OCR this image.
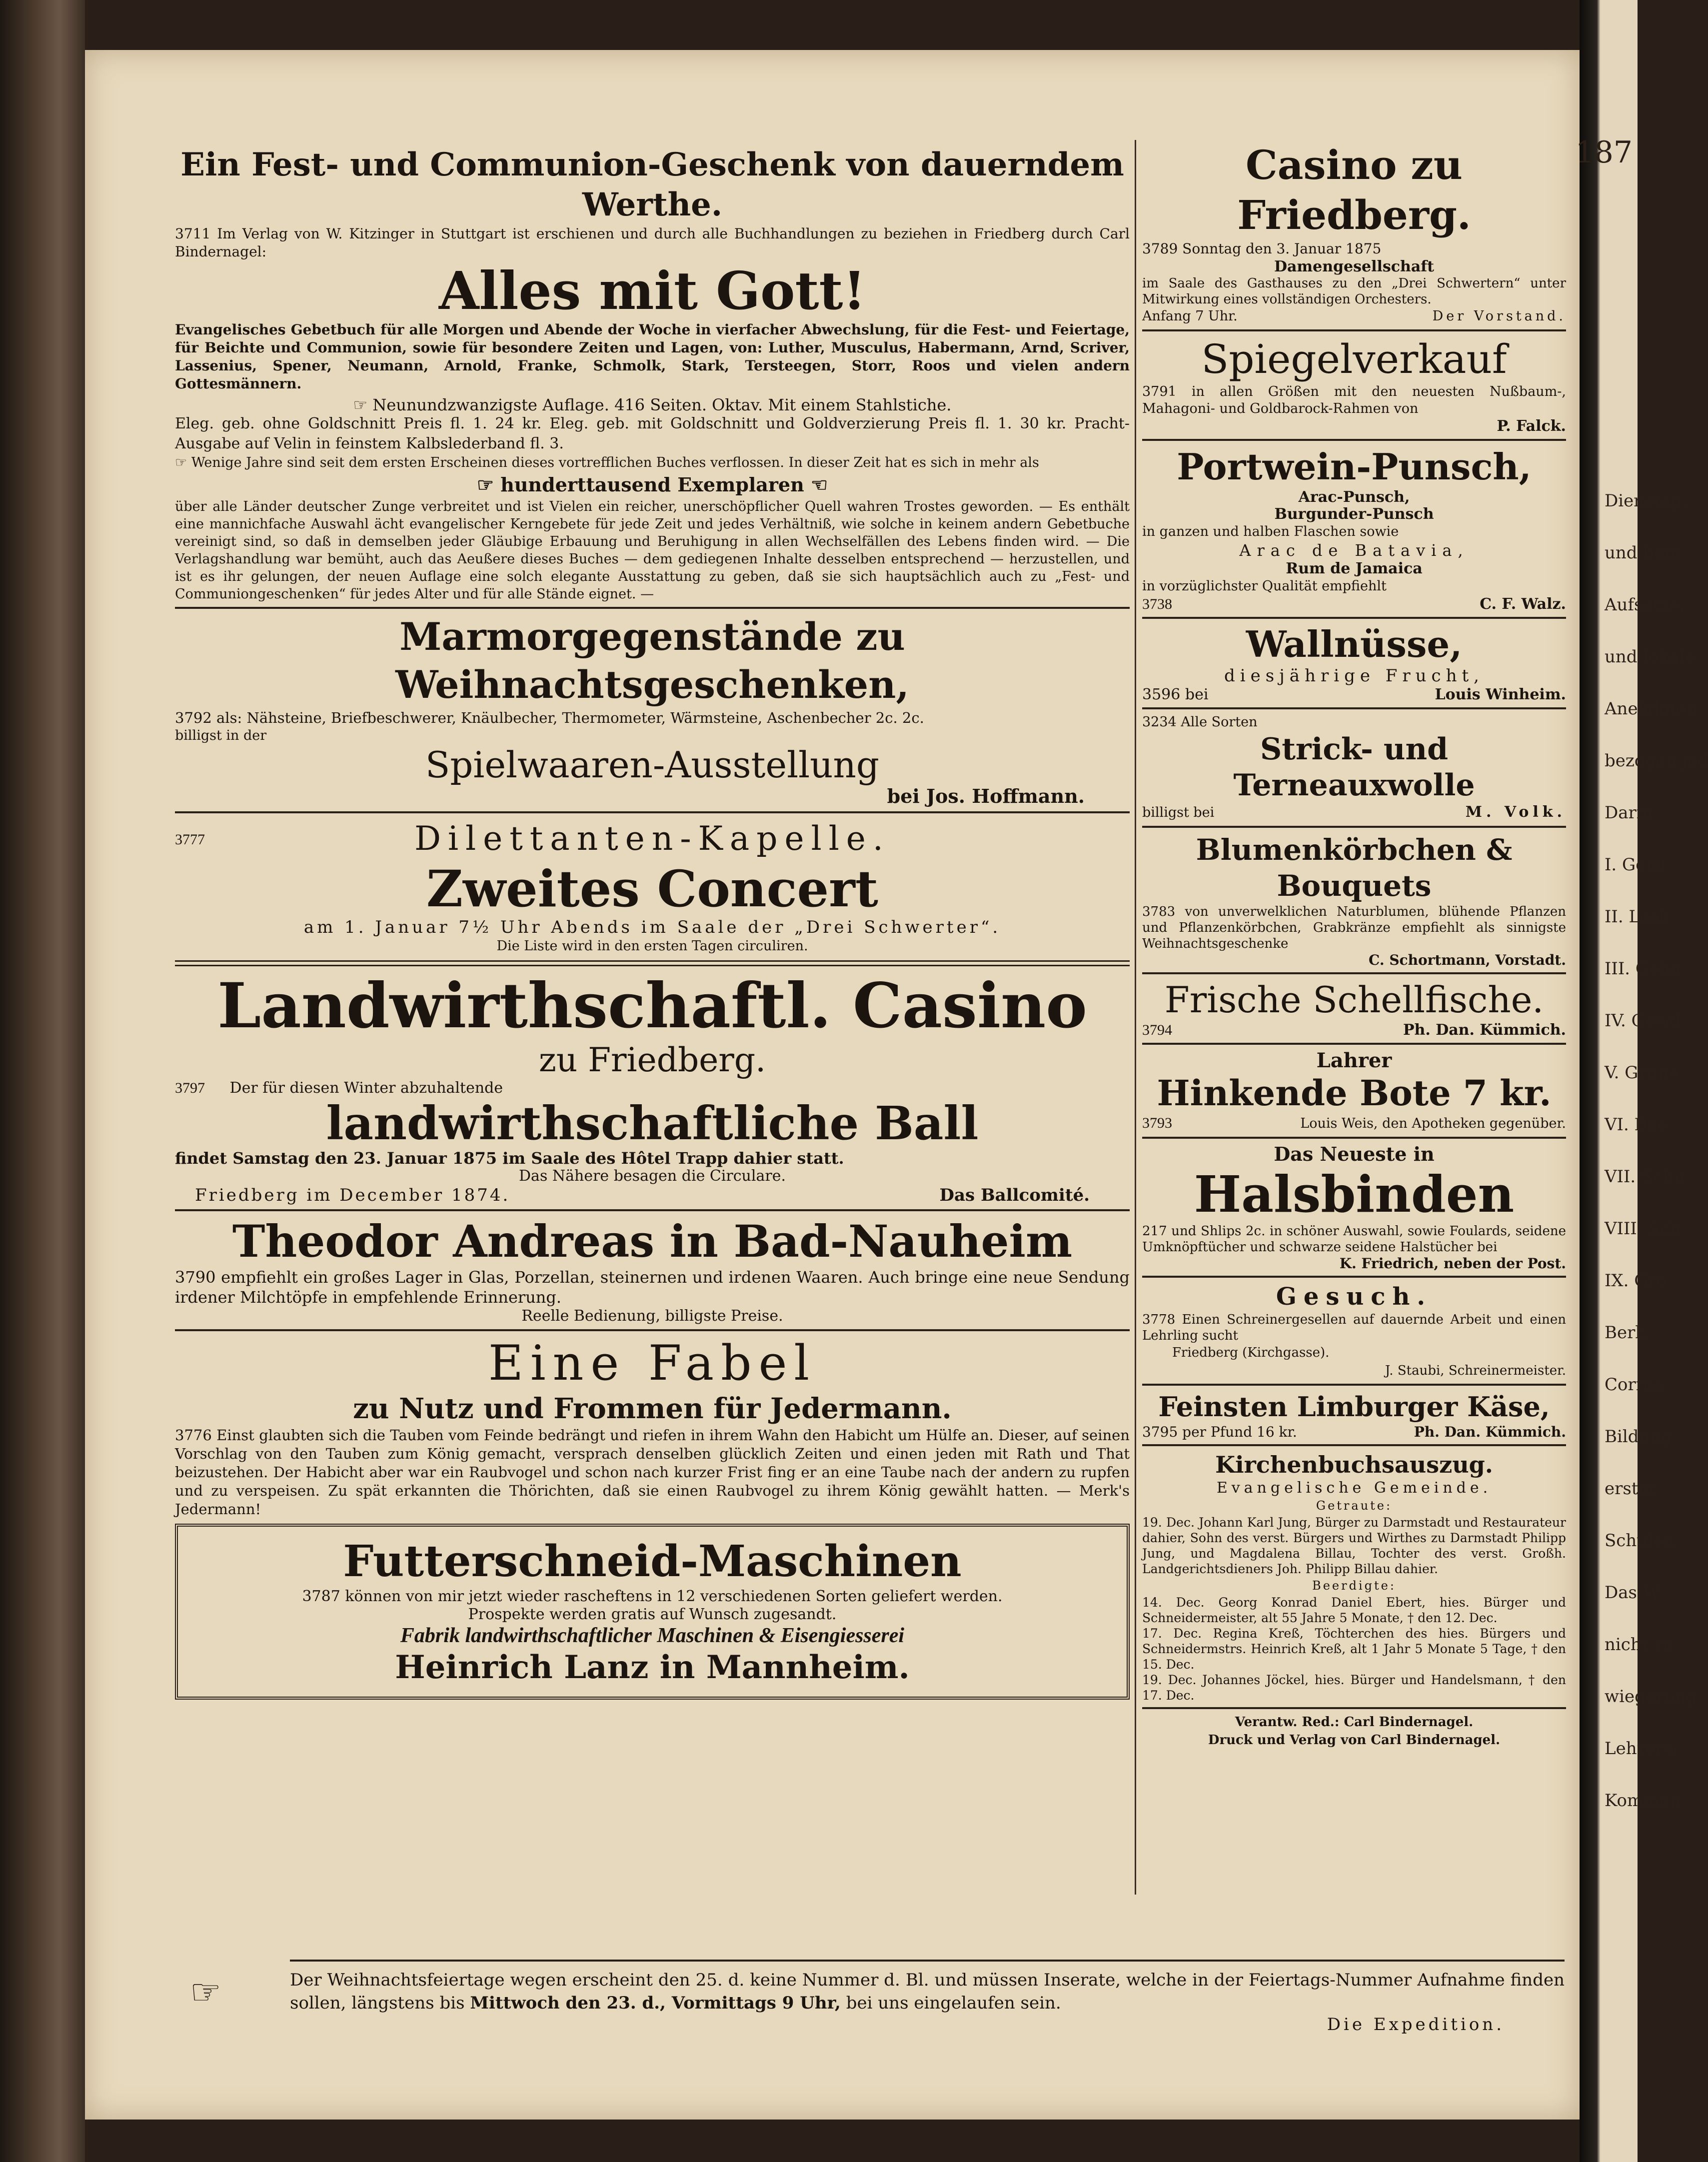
Ein Fest- und Communion-Geschenk von dauerndem Werthe.
3711 Im Verlag von W. Kitzinger in Stuttgart ist erschienen und durch alle Buchhandlungen zu beziehen in Friedberg durch Carl Bindernagel:
Alles mit Gott!
Evangelisches Gebetbuch für alle Morgen und Abende der Woche in vierfacher Abwechslung, für die Fest- und Feiertage, für Beichte und Communion, sowie für besondere Zeiten und Lagen, von: Luther, Musculus, Habermann, Arnd, Scriver, Lassenius, Spener, Neumann, Arnold, Franke, Schmolk, Stark, Tersteegen, Storr, Roos und vielen andern Gottesmännern.
☞ Neunundzwanzigste Auflage. 416 Seiten. Oktav. Mit einem Stahlstiche.
Eleg. geb. ohne Goldschnitt Preis fl. 1. 24 kr. Eleg. geb. mit Goldschnitt und Goldverzierung Preis fl. 1. 30 kr. Pracht-Ausgabe auf Velin in feinstem Kalbslederband fl. 3.
☞ Wenige Jahre sind seit dem ersten Erscheinen dieses vortrefflichen Buches verflossen. In dieser Zeit hat es sich in mehr als
☞ hunderttausend Exemplaren ☜
über alle Länder deutscher Zunge verbreitet und ist Vielen ein reicher, unerschöpflicher Quell wahren Trostes geworden. — Es enthält eine mannichfache Auswahl ächt evangelischer Kerngebete für jede Zeit und jedes Verhältniß, wie solche in keinem andern Gebetbuche vereinigt sind, so daß in demselben jeder Gläubige Erbauung und Beruhigung in allen Wechselfällen des Lebens finden wird. — Die Verlagshandlung war bemüht, auch das Aeußere dieses Buches — dem gediegenen Inhalte desselben entsprechend — herzustellen, und ist es ihr gelungen, der neuen Auflage eine solch elegante Ausstattung zu geben, daß sie sich hauptsächlich auch zu „Fest- und Communiongeschenken“ für jedes Alter und für alle Stände eignet. —
Marmorgegenstände zu Weihnachtsgeschenken,
3792 als: Nähsteine, Briefbeschwerer, Knäulbecher, Thermometer, Wärmsteine, Aschenbecher 2c. 2c.
billigst in der
Spielwaaren-Ausstellung
bei Jos. Hoffmann.
3777	Dilettanten-Kapelle.
Zweites Concert
am 1. Januar 7½ Uhr Abends im Saale der „Drei Schwerter“.
Die Liste wird in den ersten Tagen circuliren.
Landwirthschaftl. Casino
zu Friedberg.
3797 Der für diesen Winter abzuhaltende
landwirthschaftliche Ball
findet Samstag den 23. Januar 1875 im Saale des Hôtel Trapp dahier statt.
Das Nähere besagen die Circulare.
Friedberg im December 1874.	Das Ballcomité.
Theodor Andreas in Bad-Nauheim
3790 empfiehlt ein großes Lager in Glas, Porzellan, steinernen und irdenen Waaren. Auch bringe eine neue Sendung irdener Milchtöpfe in empfehlende Erinnerung.
Reelle Bedienung, billigste Preise.
Eine Fabel
zu Nutz und Frommen für Jedermann.
3776 Einst glaubten sich die Tauben vom Feinde bedrängt und riefen in ihrem Wahn den Habicht um Hülfe an. Dieser, auf seinen Vorschlag von den Tauben zum König gemacht, versprach denselben glücklich Zeiten und einen jeden mit Rath und That beizustehen. Der Habicht aber war ein Raubvogel und schon nach kurzer Frist fing er an eine Taube nach der andern zu rupfen und zu verspeisen. Zu spät erkannten die Thörichten, daß sie einen Raubvogel zu ihrem König gewählt hatten. — Merk's Jedermann!
Futterschneid-Maschinen
3787 können von mir jetzt wieder rascheftens in 12 verschiedenen Sorten geliefert werden.
Prospekte werden gratis auf Wunsch zugesandt.
Fabrik landwirthschaftlicher Maschinen & Eisengiesserei
Heinrich Lanz in Mannheim.
Casino zu Friedberg.
3789 Sonntag den 3. Januar 1875
Damengesellschaft
im Saale des Gasthauses zu den „Drei Schwertern“ unter Mitwirkung eines vollständigen Orchesters.
Anfang 7 Uhr.	Der Vorstand.
Spiegelverkauf
3791 in allen Größen mit den neuesten Nußbaum-, Mahagoni- und Goldbarock-Rahmen von
P. Falck.
Portwein-Punsch,
Arac-Punsch,
Burgunder-Punsch
in ganzen und halben Flaschen sowie
Arac de Batavia,
Rum de Jamaica
in vorzüglichster Qualität empfiehlt
3738	C. F. Walz.
Wallnüsse,
diesjährige Frucht,
3596 bei	Louis Winheim.
3234 Alle Sorten
Strick- und Terneauxwolle
billigst bei	M. Volk.
Blumenkörbchen & Bouquets
3783 von unverwelklichen Naturblumen, blühende Pflanzen und Pflanzenkörbchen, Grabkränze empfiehlt als sinnigste Weihnachtsgeschenke
C. Schortmann, Vorstadt.
Frische Schellfische.
3794	Ph. Dan. Kümmich.
Lahrer
Hinkende Bote 7 kr.
3793	Louis Weis, den Apotheken gegenüber.
Das Neueste in
Halsbinden
217 und Shlips 2c. in schöner Auswahl, sowie Foulards, seidene Umknöpftücher und schwarze seidene Halstücher bei
K. Friedrich, neben der Post.
Gesuch.
3778 Einen Schreinergesellen auf dauernde Arbeit und einen Lehrling sucht
Friedberg (Kirchgasse).
J. Staubi, Schreinermeister.
Feinsten Limburger Käse,
3795 per Pfund 16 kr.	Ph. Dan. Kümmich.
Kirchenbuchsauszug.
Evangelische Gemeinde.
Getraute:
19. Dec. Johann Karl Jung, Bürger zu Darmstadt und Restaurateur dahier, Sohn des verst. Bürgers und Wirthes zu Darmstadt Philipp Jung, und Magdalena Billau, Tochter des verst. Großh. Landgerichtsdieners Joh. Philipp Billau dahier.
Beerdigte:
14. Dec. Georg Konrad Daniel Ebert, hies. Bürger und Schneidermeister, alt 55 Jahre 5 Monate, † den 12. Dec.
17. Dec. Regina Kreß, Töchterchen des hies. Bürgers und Schneidermstrs. Heinrich Kreß, alt 1 Jahr 5 Monate 5 Tage, † den 15. Dec.
19. Dec. Johannes Jöckel, hies. Bürger und Handelsmann, † den 17. Dec.
Verantw. Red.: Carl Bindernagel.
Druck und Verlag von Carl Bindernagel.
☞	Der Weihnachtsfeiertage wegen erscheint den 25. d. keine Nummer d. Bl. und müssen Inserate, welche in der Feiertags-Nummer Aufnahme finden sollen, längstens bis Mittwoch den 23. d., Vormittags 9 Uhr, bei uns eingelaufen sein.
Die Expedition.
187
Dienstag,
und bem
Aufsätze,
und lokale
Anekdoten,
bezogen jed
Darm
I. Geist
II. Lesk
III. Geha
IV. Gewd
V. Grüne
VI. Bee
VII. Schu
VIII. Sch
IX. Gro
Berli
Corres
Bildung
erster
Schulen
Das W
nicht ve
wiegerung
Lehrerw
Kommen
